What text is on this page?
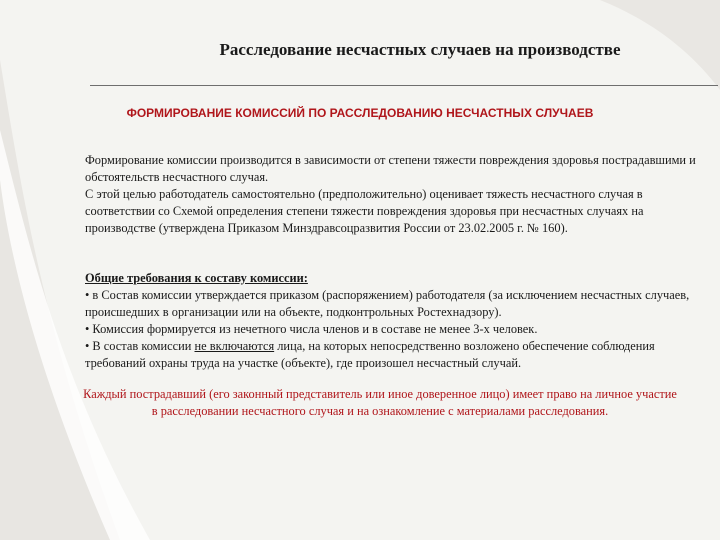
Расследование несчастных случаев на производстве
ФОРМИРОВАНИЕ КОМИССИЙ ПО РАССЛЕДОВАНИЮ НЕСЧАСТНЫХ СЛУЧАЕВ
Формирование комиссии производится в зависимости от степени тяжести повреждения здоровья пострадавшими и обстоятельств несчастного случая.
С этой целью работодатель самостоятельно (предположительно) оценивает тяжесть несчастного случая в соответствии со Схемой определения степени тяжести повреждения здоровья при несчастных случаях на производстве (утверждена Приказом Минздравсоцразвития России от 23.02.2005 г. № 160).
Общие требования к составу комиссии:
• в Состав комиссии утверждается приказом (распоряжением) работодателя (за исключением несчастных случаев, происшедших в организации или на объекте, подконтрольных Ростехнадзору).
• Комиссия формируется из нечетного числа членов и в составе не менее 3-х человек.
• В состав комиссии не включаются лица, на которых непосредственно возложено обеспечение соблюдения требований охраны труда на участке (объекте), где произошел несчастный случай.
Каждый пострадавший (его законный представитель или иное доверенное лицо) имеет право на личное участие в расследовании несчастного случая и на ознакомление с материалами расследования.
